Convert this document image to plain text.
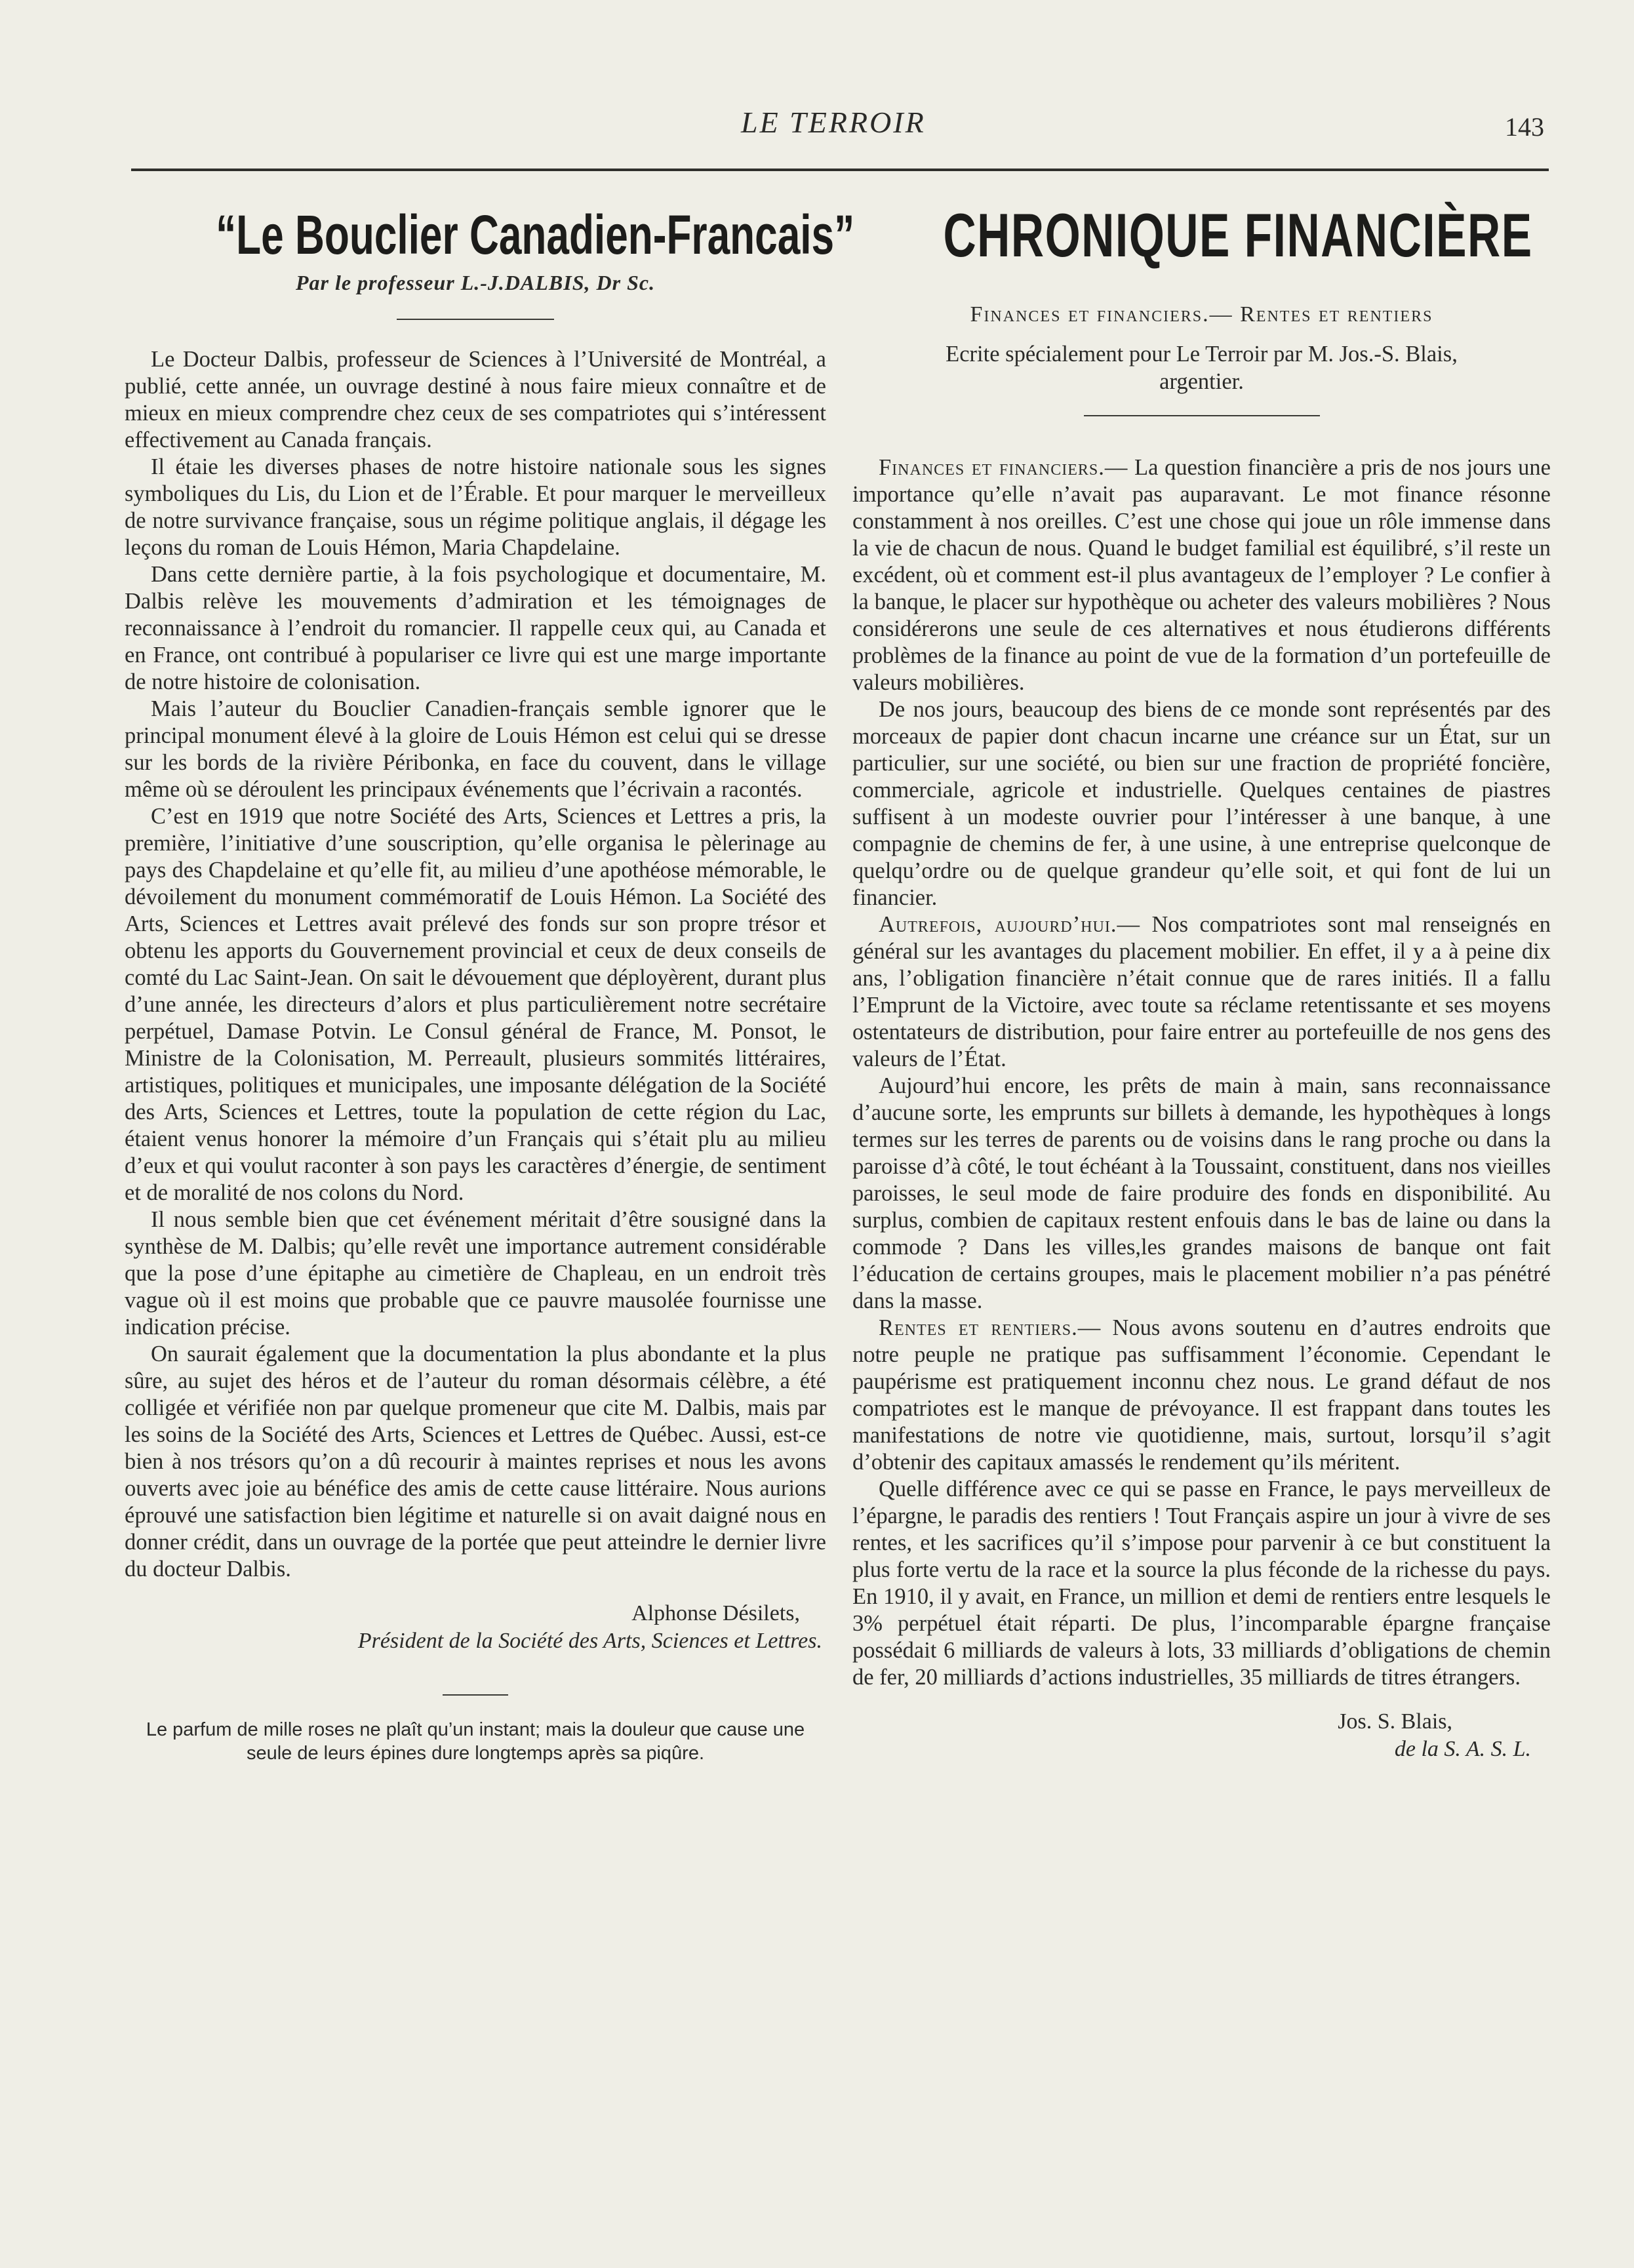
LE TERROIR	143
“Le Bouclier Canadien-Francais”
Par le professeur L.-J.DALBIS, Dr Sc.

Le Docteur Dalbis, professeur de Sciences à l’Université de Montréal, a publié, cette année, un ouvrage destiné à nous faire mieux connaître et de mieux en mieux comprendre chez ceux de ses compatriotes qui s’intéressent effectivement au Canada français.

Il étaie les diverses phases de notre histoire nationale sous les signes symboliques du Lis, du Lion et de l’Érable. Et pour marquer le merveilleux de notre survivance française, sous un régime politique anglais, il dégage les leçons du roman de Louis Hémon, Maria Chapdelaine.

Dans cette dernière partie, à la fois psychologique et documentaire, M. Dalbis relève les mouvements d’admiration et les témoignages de reconnaissance à l’endroit du romancier. Il rappelle ceux qui, au Canada et en France, ont contribué à populariser ce livre qui est une marge importante de notre histoire de colonisation.

Mais l’auteur du Bouclier Canadien-français semble ignorer que le principal monument élevé à la gloire de Louis Hémon est celui qui se dresse sur les bords de la rivière Péribonka, en face du couvent, dans le village même où se déroulent les principaux événements que l’écrivain a racontés.

C’est en 1919 que notre Société des Arts, Sciences et Lettres a pris, la première, l’initiative d’une souscription, qu’elle organisa le pèlerinage au pays des Chapdelaine et qu’elle fit, au milieu d’une apothéose mémorable, le dévoilement du monument commémoratif de Louis Hémon. La Société des Arts, Sciences et Lettres avait prélevé des fonds sur son propre trésor et obtenu les apports du Gouvernement provincial et ceux de deux conseils de comté du Lac Saint-Jean. On sait le dévouement que déployèrent, durant plus d’une année, les directeurs d’alors et plus particulièrement notre secrétaire perpétuel, Damase Potvin. Le Consul général de France, M. Ponsot, le Ministre de la Colonisation, M. Perreault, plusieurs sommités littéraires, artistiques, politiques et municipales, une imposante délégation de la Société des Arts, Sciences et Lettres, toute la population de cette région du Lac, étaient venus honorer la mémoire d’un Français qui s’était plu au milieu d’eux et qui voulut raconter à son pays les caractères d’énergie, de sentiment et de moralité de nos colons du Nord.

Il nous semble bien que cet événement méritait d’être sousigné dans la synthèse de M. Dalbis; qu’elle revêt une importance autrement considérable que la pose d’une épitaphe au cimetière de Chapleau, en un endroit très vague où il est moins que probable que ce pauvre mausolée fournisse une indication précise.

On saurait également que la documentation la plus abondante et la plus sûre, au sujet des héros et de l’auteur du roman désormais célèbre, a été colligée et vérifiée non par quelque promeneur que cite M. Dalbis, mais par les soins de la Société des Arts, Sciences et Lettres de Québec. Aussi, est-ce bien à nos trésors qu’on a dû recourir à maintes reprises et nous les avons ouverts avec joie au bénéfice des amis de cette cause littéraire. Nous aurions éprouvé une satisfaction bien légitime et naturelle si on avait daigné nous en donner crédit, dans un ouvrage de la portée que peut atteindre le dernier livre du docteur Dalbis.

Alphonse Désilets,
Président de la Société des Arts, Sciences et Lettres.
Le parfum de mille roses ne plaît qu’un instant; mais la douleur que cause une seule de leurs épines dure longtemps après sa piqûre.
CHRONIQUE FINANCIÈRE
Finances et financiers.— Rentes et rentiers
Ecrite spécialement pour Le Terroir par M. Jos.-S. Blais,
argentier.

Finances et financiers.— La question financière a pris de nos jours une importance qu’elle n’avait pas auparavant. Le mot finance résonne constamment à nos oreilles. C’est une chose qui joue un rôle immense dans la vie de chacun de nous. Quand le budget familial est équilibré, s’il reste un excédent, où et comment est-il plus avantageux de l’employer ? Le confier à la banque, le placer sur hypothèque ou acheter des valeurs mobilières ? Nous considérerons une seule de ces alternatives et nous étudierons différents problèmes de la finance au point de vue de la formation d’un portefeuille de valeurs mobilières.

De nos jours, beaucoup des biens de ce monde sont représentés par des morceaux de papier dont chacun incarne une créance sur un État, sur un particulier, sur une société, ou bien sur une fraction de propriété foncière, commerciale, agricole et industrielle. Quelques centaines de piastres suffisent à un modeste ouvrier pour l’intéresser à une banque, à une compagnie de chemins de fer, à une usine, à une entreprise quelconque de quelqu’ordre ou de quelque grandeur qu’elle soit, et qui font de lui un financier.

Autrefois, aujourd’hui.— Nos compatriotes sont mal renseignés en général sur les avantages du placement mobilier. En effet, il y a à peine dix ans, l’obligation financière n’était connue que de rares initiés. Il a fallu l’Emprunt de la Victoire, avec toute sa réclame retentissante et ses moyens ostentateurs de distribution, pour faire entrer au portefeuille de nos gens des valeurs de l’État.

Aujourd’hui encore, les prêts de main à main, sans reconnaissance d’aucune sorte, les emprunts sur billets à demande, les hypothèques à longs termes sur les terres de parents ou de voisins dans le rang proche ou dans la paroisse d’à côté, le tout échéant à la Toussaint, constituent, dans nos vieilles paroisses, le seul mode de faire produire des fonds en disponibilité. Au surplus, combien de capitaux restent enfouis dans le bas de laine ou dans la commode ? Dans les villes,les grandes maisons de banque ont fait l’éducation de certains groupes, mais le placement mobilier n’a pas pénétré dans la masse.

Rentes et rentiers.— Nous avons soutenu en d’autres endroits que notre peuple ne pratique pas suffisamment l’économie. Cependant le paupérisme est pratiquement inconnu chez nous. Le grand défaut de nos compatriotes est le manque de prévoyance. Il est frappant dans toutes les manifestations de notre vie quotidienne, mais, surtout, lorsqu’il s’agit d’obtenir des capitaux amassés le rendement qu’ils méritent.

Quelle différence avec ce qui se passe en France, le pays merveilleux de l’épargne, le paradis des rentiers ! Tout Français aspire un jour à vivre de ses rentes, et les sacrifices qu’il s’impose pour parvenir à ce but constituent la plus forte vertu de la race et la source la plus féconde de la richesse du pays. En 1910, il y avait, en France, un million et demi de rentiers entre lesquels le 3% perpétuel était réparti. De plus, l’incomparable épargne française possédait 6 milliards de valeurs à lots, 33 milliards d’obligations de chemin de fer, 20 milliards d’actions industrielles, 35 milliards de titres étrangers.

Jos. S. Blais,
de la S. A. S. L.
